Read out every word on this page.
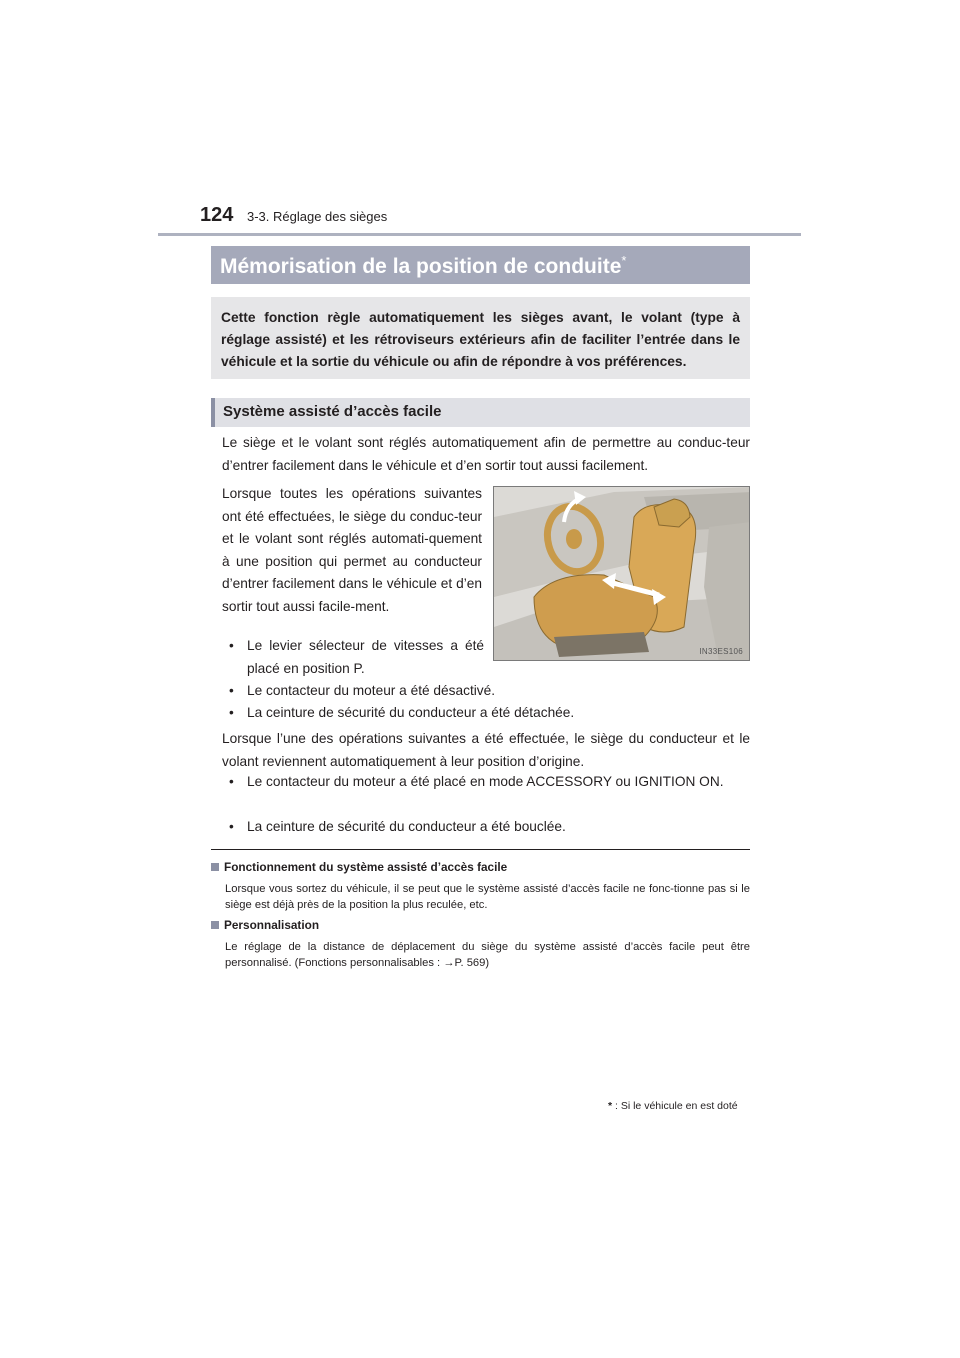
124 3-3. Réglage des sièges
Mémorisation de la position de conduite*

Cette fonction règle automatiquement les sièges avant, le volant (type à réglage assisté) et les rétroviseurs extérieurs afin de faciliter l’entrée dans le véhicule et la sortie du véhicule ou afin de répondre à vos préférences.

Système assisté d’accès facile
Le siège et le volant sont réglés automatiquement afin de permettre au conduc-teur d’entrer facilement dans le véhicule et d’en sortir tout aussi facilement.
Lorsque toutes les opérations suivantes ont été effectuées, le siège du conduc-teur et le volant sont réglés automati-quement à une position qui permet au conducteur d’entrer facilement dans le véhicule et d’en sortir tout aussi facile-ment.
IN33ES106
• Le levier sélecteur de vitesses a été placé en position P.
• Le contacteur du moteur a été désactivé.
• La ceinture de sécurité du conducteur a été détachée.
Lorsque l’une des opérations suivantes a été effectuée, le siège du conducteur et le volant reviennent automatiquement à leur position d’origine.
• Le contacteur du moteur a été placé en mode ACCESSORY ou IGNITION ON.
• La ceinture de sécurité du conducteur a été bouclée.
Fonctionnement du système assisté d’accès facile
Lorsque vous sortez du véhicule, il se peut que le système assisté d’accès facile ne fonc-tionne pas si le siège est déjà près de la position la plus reculée, etc.
Personnalisation
Le réglage de la distance de déplacement du siège du système assisté d’accès facile peut être personnalisé. (Fonctions personnalisables : →P. 569)
* : Si le véhicule en est doté
